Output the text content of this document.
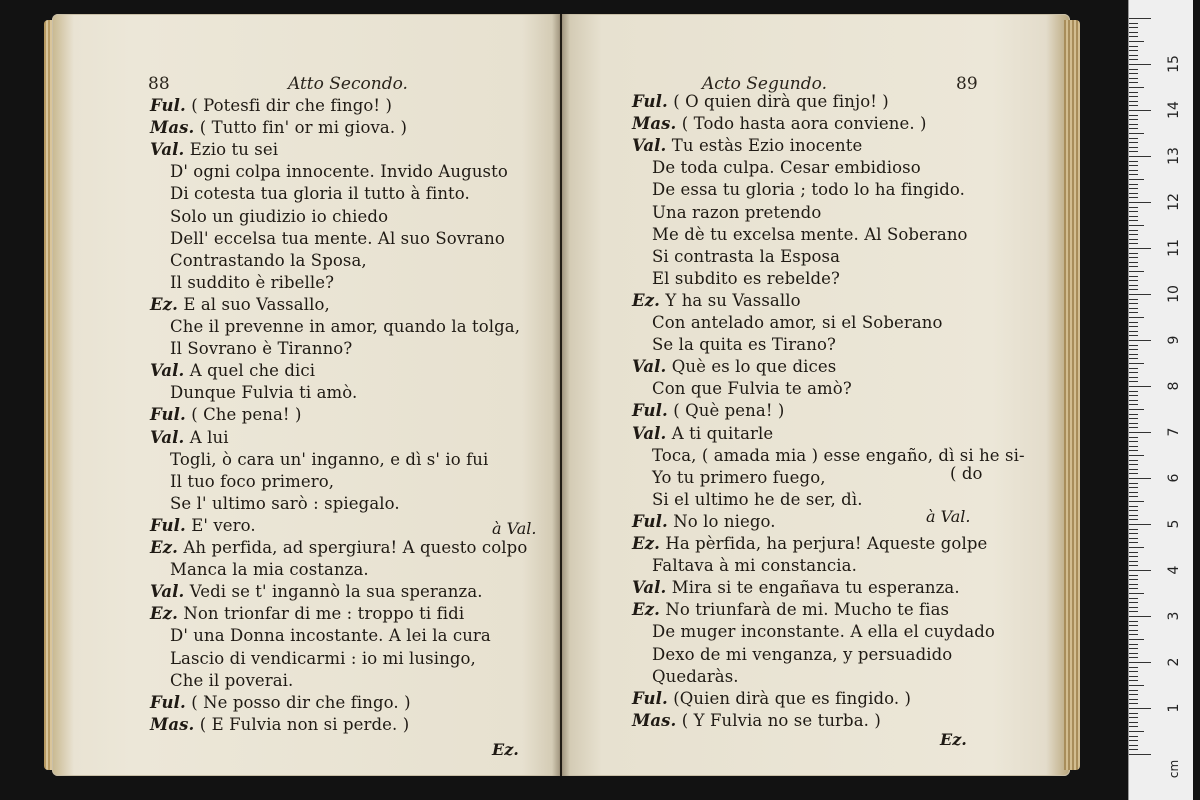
88	Atto Secondo.
Ful. ( Potesfi dir che fingo! )
Mas. ( Tutto fin' or mi giova. )
Val. Ezio tu sei
D' ogni colpa innocente. Invido Augusto
Di cotesta tua gloria il tutto à finto.
Solo un giudizio io chiedo
Dell' eccelsa tua mente. Al suo Sovrano
Contrastando la Sposa,
Il suddito è ribelle?
Ez. E al suo Vassallo,
Che il prevenne in amor, quando la tolga,
Il Sovrano è Tiranno?
Val. A quel che dici
Dunque Fulvia ti amò.
Ful. ( Che pena! )
Val. A lui
Togli, ò cara un' inganno, e dì s' io fui
Il tuo foco primero,
Se l' ultimo sarò : spiegalo.
Ful. E' vero.
Ez. Ah perfida, ad spergiura! A questo colpo
Manca la mia costanza.
Val. Vedi se t' ingannò la sua speranza.
Ez. Non trionfar di me : troppo ti fidi
D' una Donna incostante. A lei la cura
Lascio di vendicarmi : io mi lusingo,
Che il poverai.
Ful. ( Ne posso dir che fingo. )
Mas. ( E Fulvia non si perde. )
à Val.
Ez.
Acto Segundo.	89
Ful. ( O quien dirà que finjo! )
Mas. ( Todo hasta aora conviene. )
Val. Tu estàs Ezio inocente
De toda culpa. Cesar embidioso
De essa tu gloria ; todo lo ha fingido.
Una razon pretendo
Me dè tu excelsa mente. Al Soberano
Si contrasta la Esposa
El subdito es rebelde?
Ez. Y ha su Vassallo
Con antelado amor, si el Soberano
Se la quita es Tirano?
Val. Què es lo que dices
Con que Fulvia te amò?
Ful. ( Què pena! )
Val. A ti quitarle
Toca, ( amada mia ) esse engaño, dì si he si-
Yo tu primero fuego,
Si el ultimo he de ser, dì.
Ful. No lo niego.
Ez. Ha pèrfida, ha perjura! Aqueste golpe
Faltava à mi constancia.
Val. Mira si te engañava tu esperanza.
Ez. No triunfarà de mi. Mucho te fias
De muger inconstante. A ella el cuydado
Dexo de mi venganza, y persuadido
Quedaràs.
Ful. (Quien dirà que es fingido. )
Mas. ( Y Fulvia no se turba. )
( do
à Val.
Ez.
1
2
3
4
5
6
7
8
9
10
11
12
13
14
15
cm
